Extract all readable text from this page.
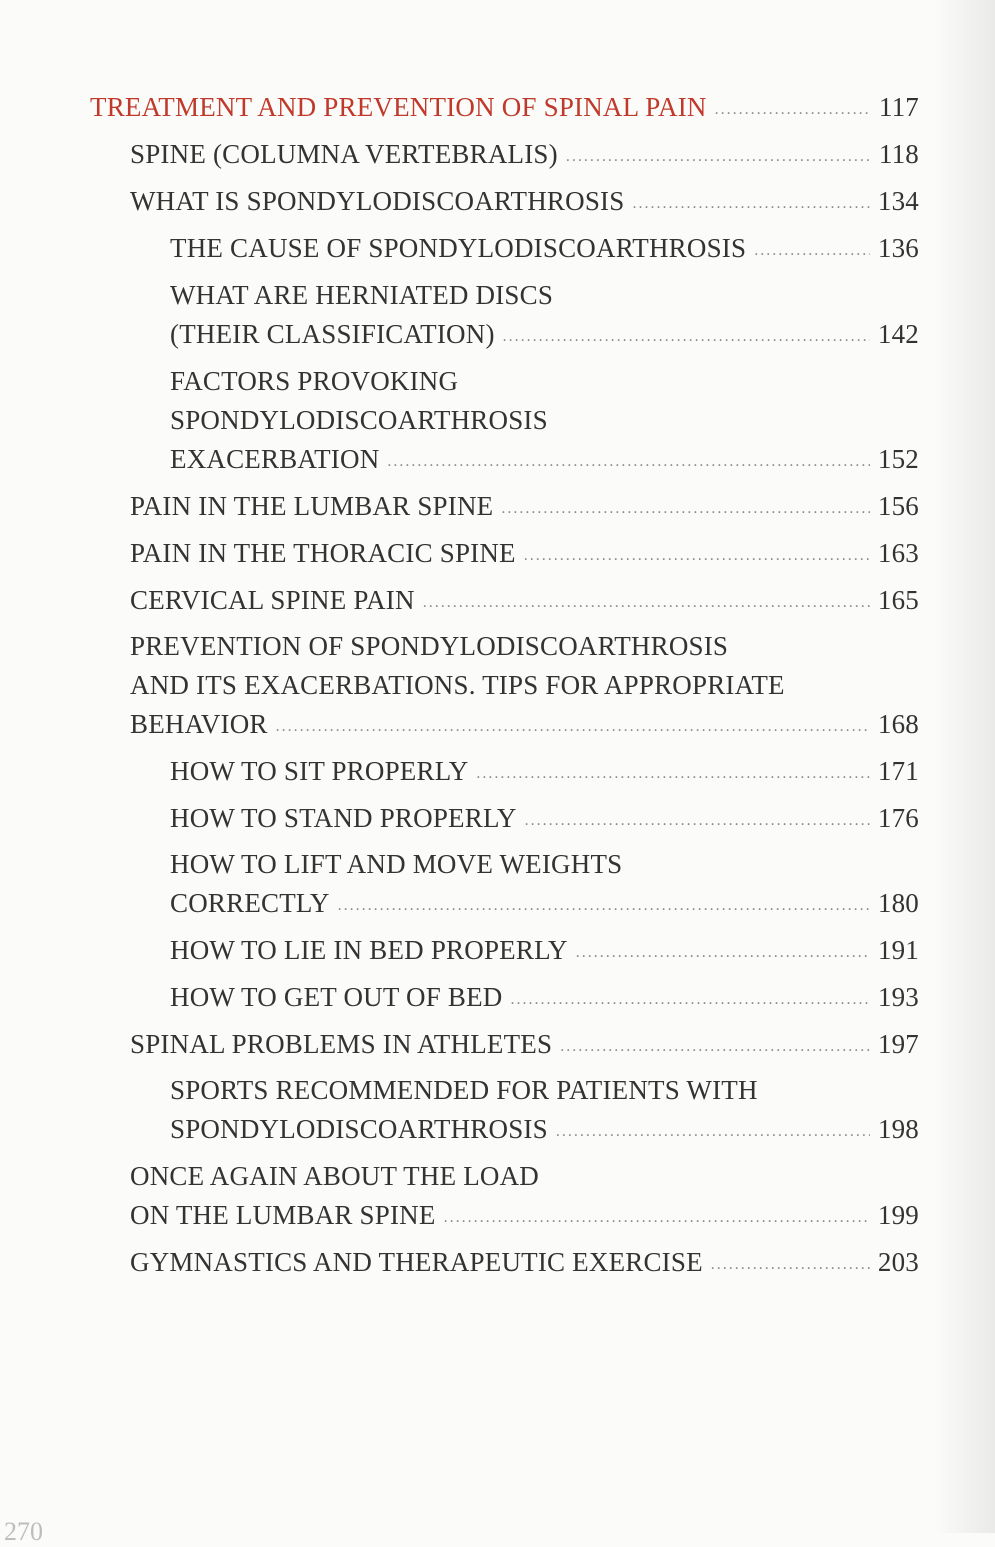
TREATMENT AND PREVENTION OF SPINAL PAIN . . .	117
SPINE (COLUMNA VERTEBRALIS) . . .	118
WHAT IS SPONDYLODISCOARTHROSIS . . .	134
THE CAUSE OF SPONDYLODISCOARTHROSIS . . .	136
WHAT ARE HERNIATED DISCS
(THEIR CLASSIFICATION) . . .	142
FACTORS PROVOKING
SPONDYLODISCOARTHROSIS
EXACERBATION . . .	152
PAIN IN THE LUMBAR SPINE . . .	156
PAIN IN THE THORACIC SPINE . . .	163
CERVICAL SPINE PAIN . . .	165
PREVENTION OF SPONDYLODISCOARTHROSIS
AND ITS EXACERBATIONS. TIPS FOR APPROPRIATE
BEHAVIOR . . .	168
HOW TO SIT PROPERLY . . .	171
HOW TO STAND PROPERLY . . .	176
HOW TO LIFT AND MOVE WEIGHTS
CORRECTLY . . .	180
HOW TO LIE IN BED PROPERLY . . .	191
HOW TO GET OUT OF BED . . .	193
SPINAL PROBLEMS IN ATHLETES . . .	197
SPORTS RECOMMENDED FOR PATIENTS WITH
SPONDYLODISCOARTHROSIS . . .	198
ONCE AGAIN ABOUT THE LOAD
ON THE LUMBAR SPINE . . .	199
GYMNASTICS AND THERAPEUTIC EXERCISE . . .	203
270
